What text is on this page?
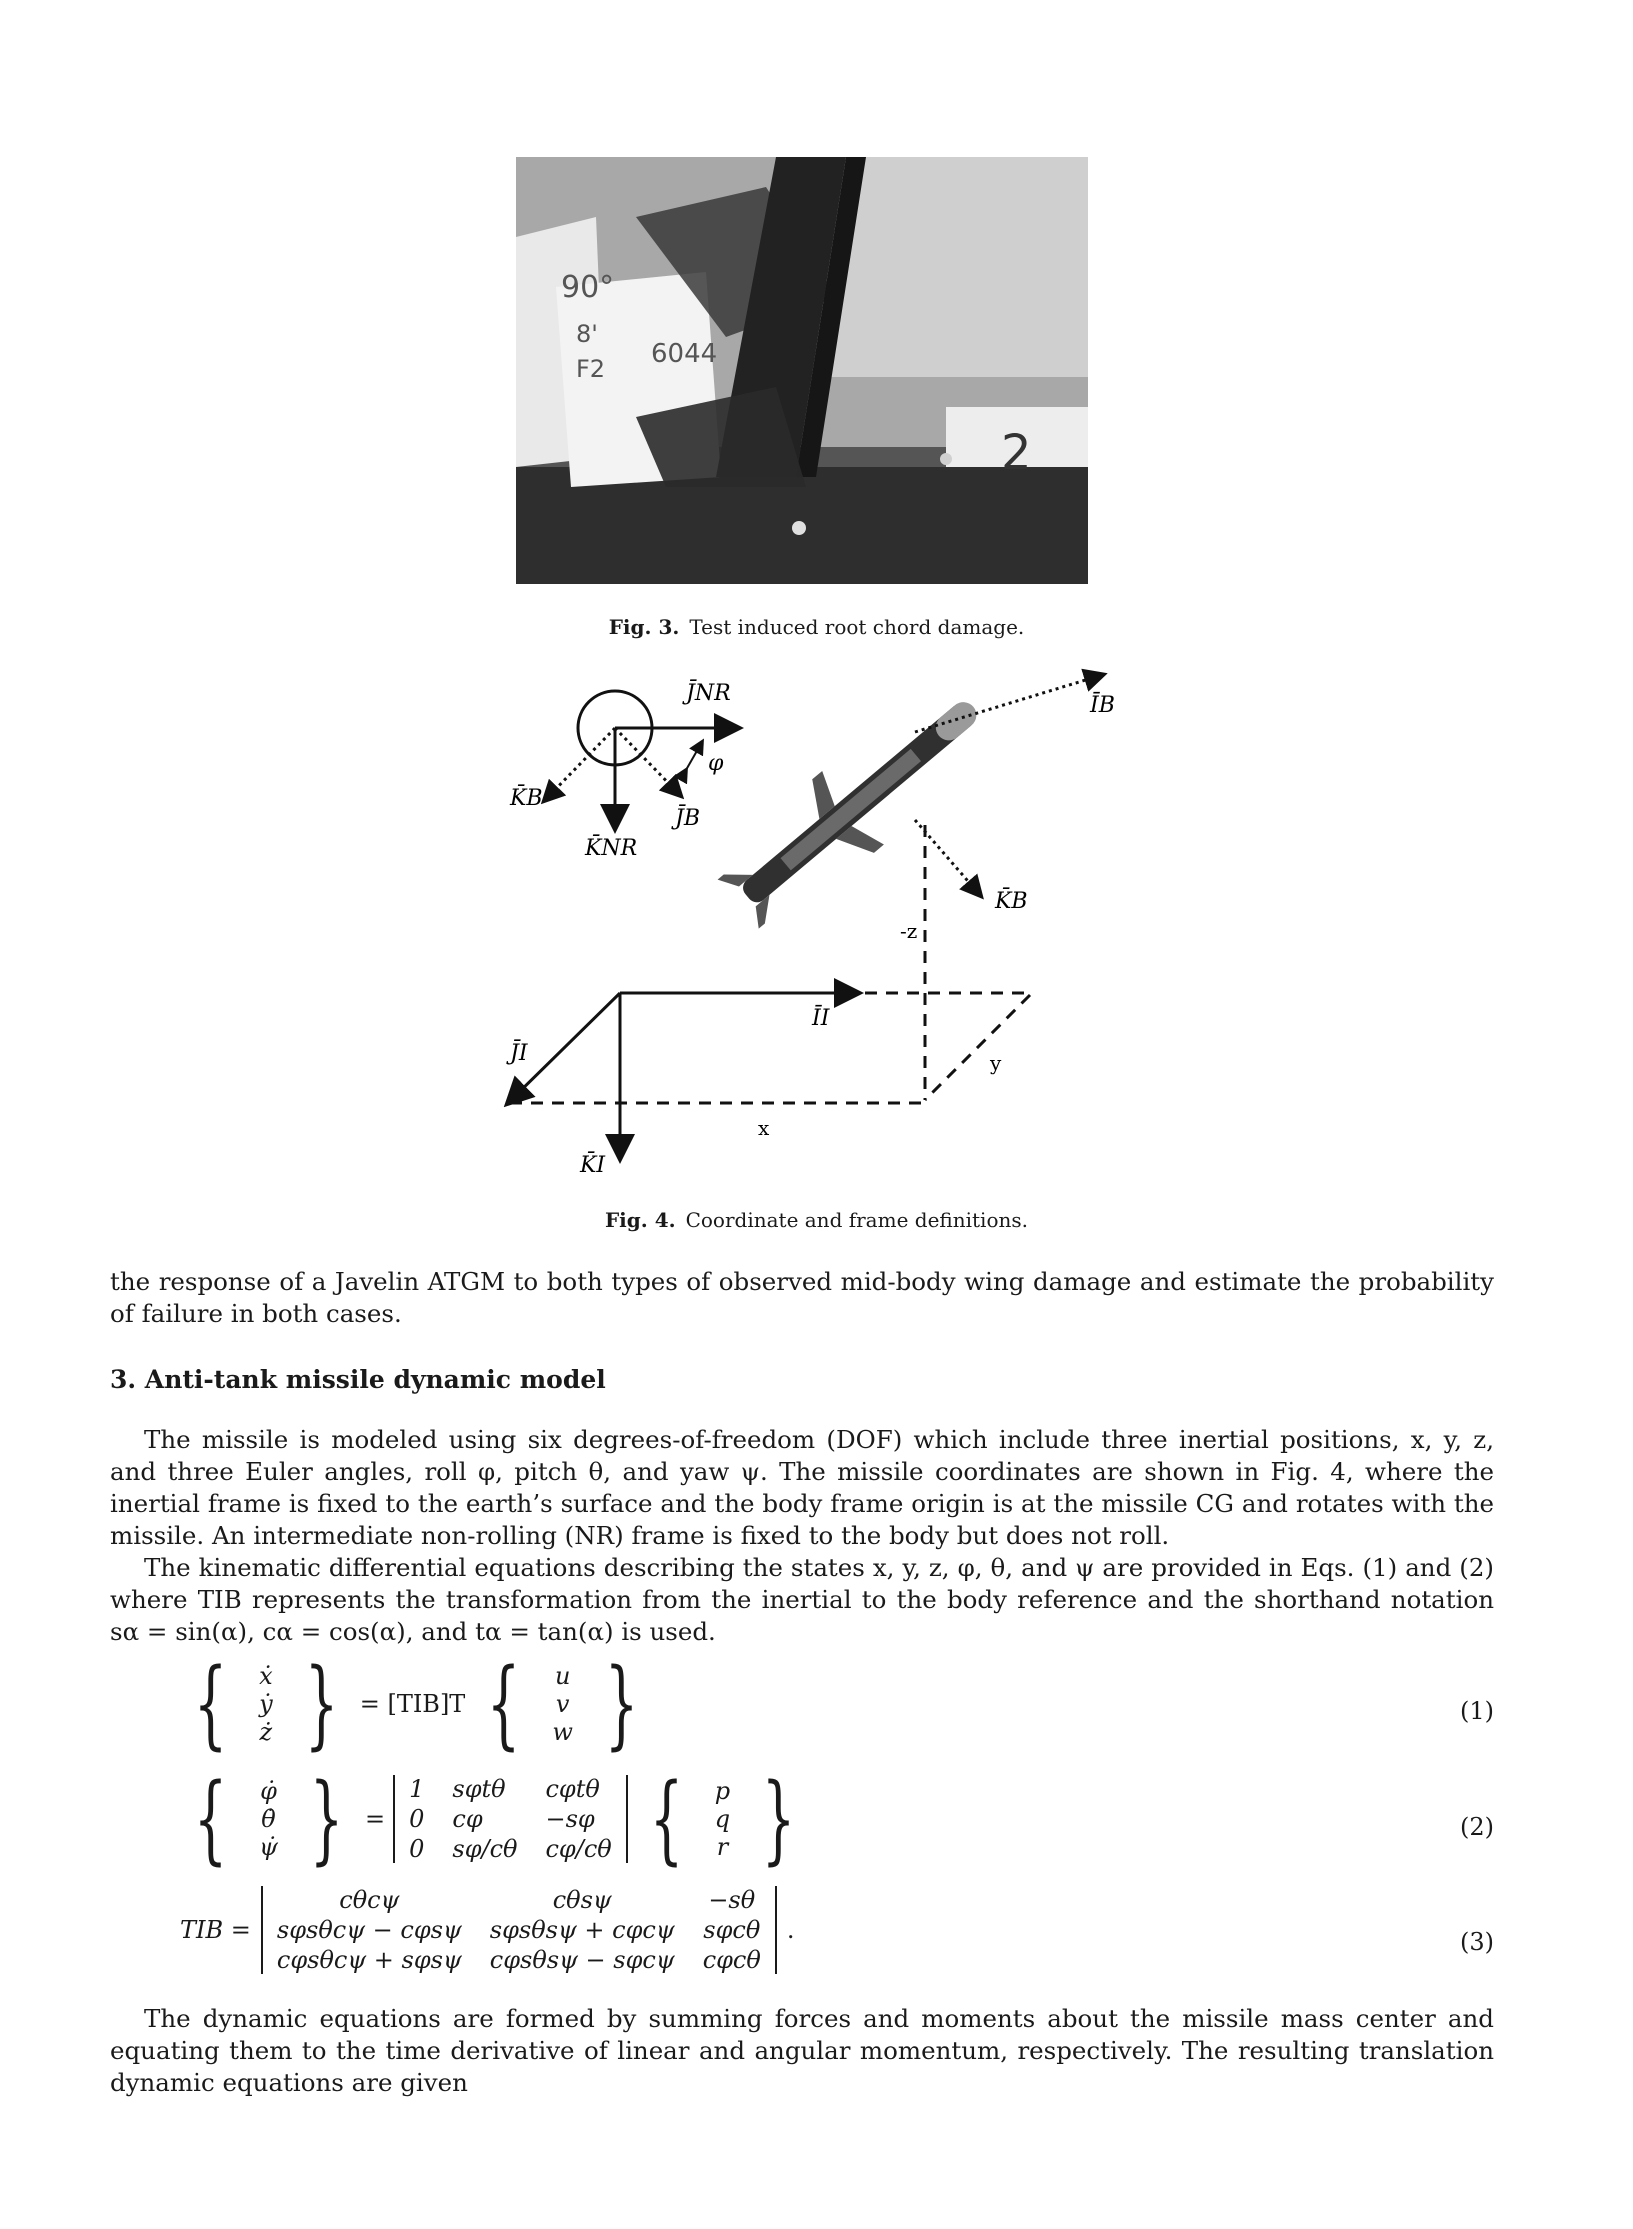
90°
8'
F2 6044
2
Fig. 3. Test induced root chord damage.
J̄NR
K̄B
J̄B
K̄NR
φ
ĪB
K̄B
-z
ĪI
J̄I	y
x
K̄I
Fig. 4. Coordinate and frame definitions.

the response of a Javelin ATGM to both types of observed mid-body wing damage and estimate the probability of failure in both cases.

3. Anti-tank missile dynamic model

The missile is modeled using six degrees-of-freedom (DOF) which include three inertial positions, x, y, z, and three Euler angles, roll φ, pitch θ, and yaw ψ. The missile coordinates are shown in Fig. 4, where the inertial frame is fixed to the earth’s surface and the body frame origin is at the missile CG and rotates with the missile. An intermediate non-rolling (NR) frame is fixed to the body but does not roll.

The kinematic differential equations describing the states x, y, z, φ, θ, and ψ are provided in Eqs. (1) and (2) where TIB represents the transformation from the inertial to the body reference and the shorthand notation sα = sin(α), cα = cos(α), and tα = tan(α) is used.

{ ẋ
ẏ
ż } = [TIB]T { u
v
w }	(1)
{ φ̇
θ̇
ψ̇ } =
1 sφtθ	cφtθ
0 cφ	−sφ
0 sφ/cθ cφ/cθ { p
q
r }	(2)
TIB =
cθcψ	cθsψ	−sθ
sφsθcψ − cφsψ sφsθsψ + cφcψ sφcθ
cφsθcψ + sφsψ cφsθsψ − sφcψ cφcθ
.	(3)

The dynamic equations are formed by summing forces and moments about the missile mass center and equating them to the time derivative of linear and angular momentum, respectively. The resulting translation dynamic equations are given
